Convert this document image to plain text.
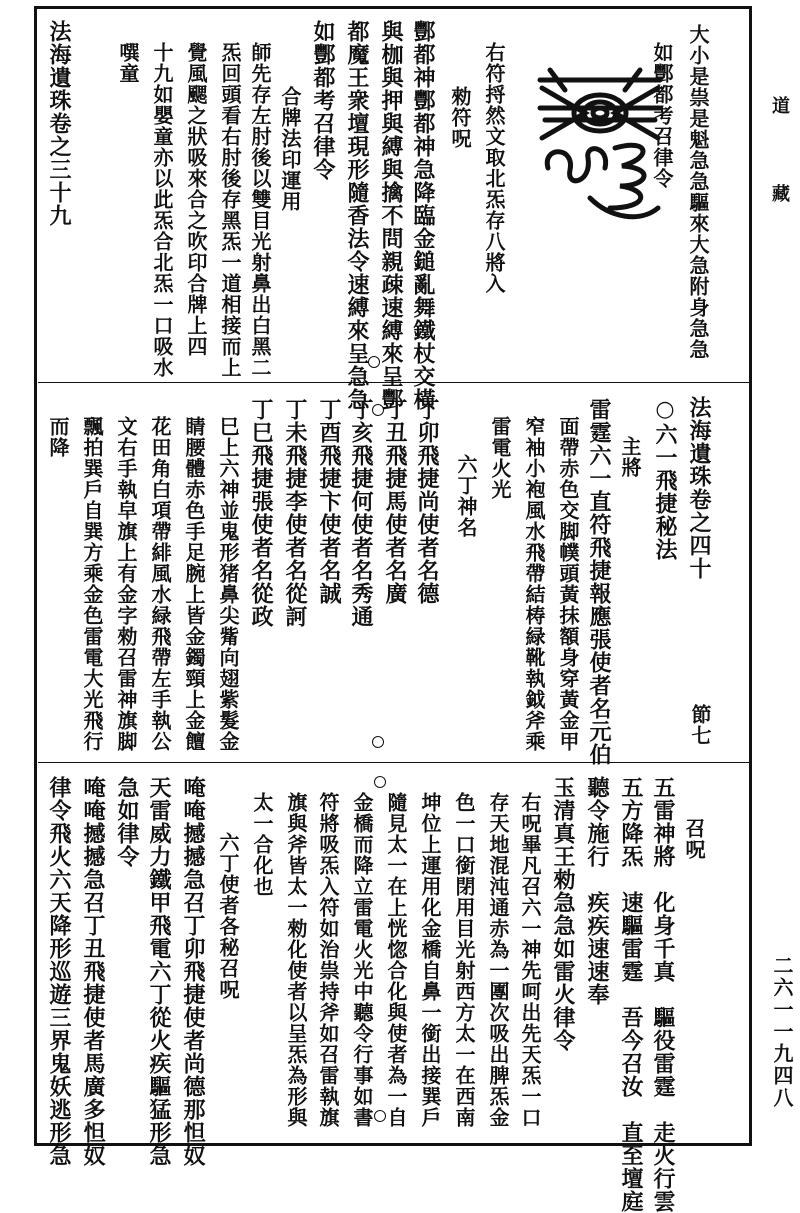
道
藏
二六一一九四八
大小是祟是魁急急驅來大急附身急急
如酆都考召律令
右符捋然文取北炁存八將入
勑符呪
酆都神酆都神急降臨金鎚亂舞鐵杖交橫
與枷與押與縛與擒不問親疎速縛來呈酆
都魔王衆壇現形隨香法令速縛來呈急急
如酆都考召律令
合牌法印運用
師先存左肘後以雙目光射鼻出白黑二
炁回頭看右肘後存黑炁一道相接而上
覺風颸之狀吸來合之吹印合牌上四
十九如嬰童亦以此炁合北炁一口吸水
噀童
法海遺珠卷之三十九
法海遺珠卷之四十
○六一飛捷秘法
節七
主將
雷霆六一直符飛捷報應張使者名元伯
面帶赤色交脚幞頭黃抹額身穿黃金甲
窄袖小袍風水飛帶結梼緑靴執鉞斧乘
雷電火光
六丁神名
丁卯飛捷尚使者名德
丁丑飛捷馬使者名廣
丁亥飛捷何使者名秀通
丁酉飛捷卞使者名誠
丁未飛捷李使者名從訶
丁巳飛捷張使者名從政
巳上六神並鬼形猪鼻尖觜向翅紫髮金
睛腰體赤色手足腕上皆金鐲頸上金饘
花田角白項帶緋風水緑飛帶左手執公
文右手執皁旗上有金字勑召雷神旗脚
飄拍巽戶自巽方乘金色雷電大光飛行
而降
召呪
五雷神將　化身千真　驅役雷霆　走火行雲
五方降炁　速驅雷霆　吾今召汝　直至壇庭
聽令施行　疾疾速速奉
玉清真王勑急急如雷火律令
右呪畢凡召六一神先呵出先天炁一口
存天地混沌通赤為一團次吸出脾炁金
色一口銜閉用目光射西方太一在西南
坤位上運用化金橋自鼻一銜出接巽戶
隨見太一在上恍惚合化與使者為一自
金橋而降立雷電火光中聽令行事如書
符將吸炁入符如治祟持斧如召雷執旗
旗與斧皆太一勑化使者以呈炁為形與
太一合化也
六丁使者各秘召呪
唵唵撼撼急召丁卯飛捷使者尚德那怛奴
天雷威力鐵甲飛電六丁從火疾驅猛形急
急如律令
唵唵撼撼急召丁丑飛捷使者馬廣多怛奴
律令飛火六天降形巡遊三界鬼妖逃形急
